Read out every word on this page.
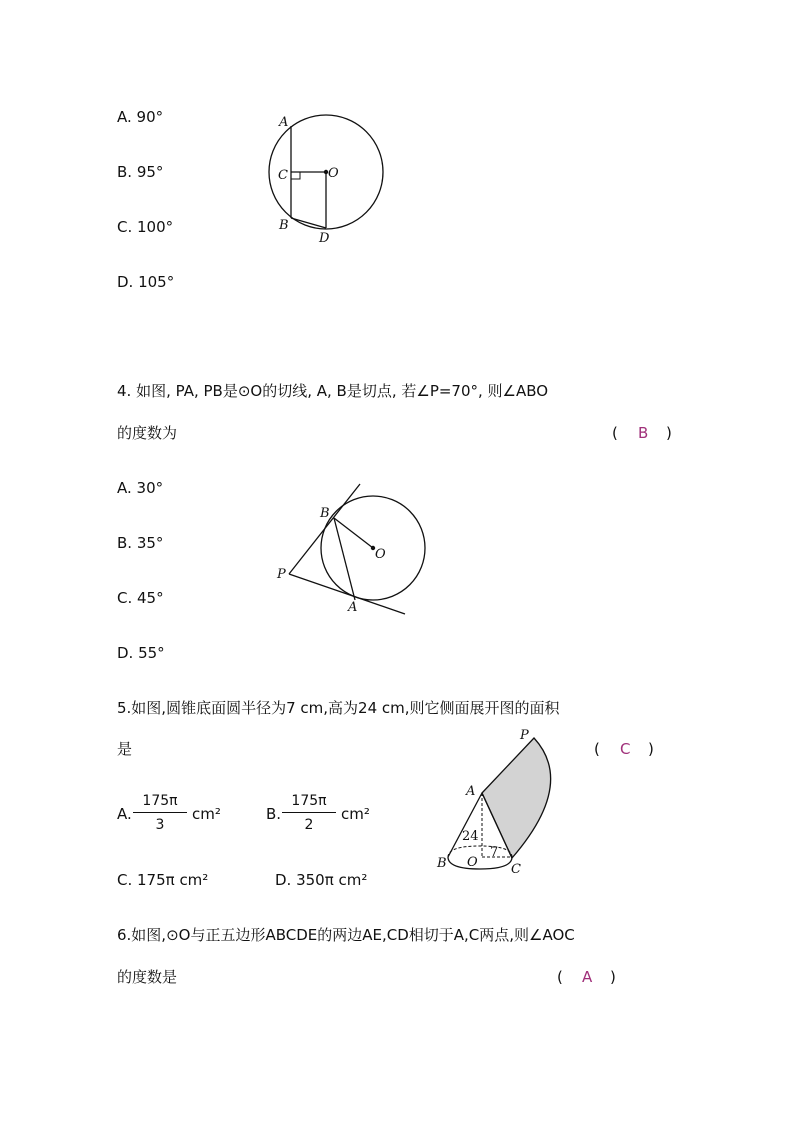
A. 90°
B. 95°
C. 100°
D. 105°
A
C	O
B
D
4. 如图, PA, PB是⊙O的切线, A, B是切点, 若∠P=70°, 则∠ABO
的度数为	( B )
A. 30°
B. 35°
C. 45°
D. 55°
B
O
P
A
5.如图,圆锥底面圆半径为7 cm,高为24 cm,则它侧面展开图的面积
是	( C )
A. $\frac{175\pi}{3} cm^2$	B. $\frac{175\pi}{2} cm^2$
C. 175π cm²	D. 350π cm²
P
A
24
7
B O	C
6.如图,⊙O与正五边形ABCDE的两边AE,CD相切于A,C两点,则∠AOC
的度数是	( A )
